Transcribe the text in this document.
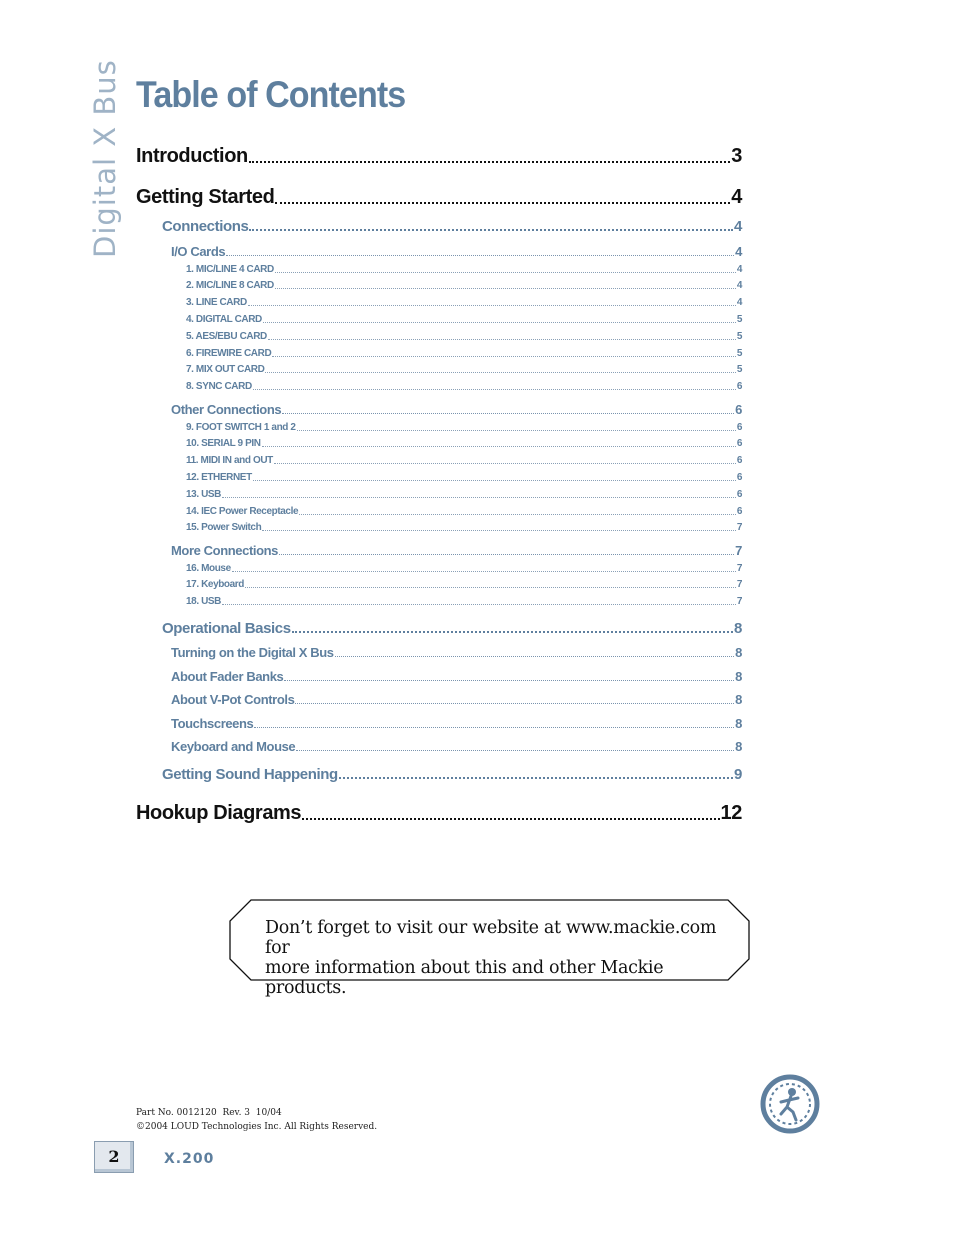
Digital X Bus Table of Contents
Introduction	3
Getting Started	4
Connections	4
I/O Cards	4
1. MIC/LINE 4 CARD	4
2. MIC/LINE 8 CARD	4
3. LINE CARD	4
4. DIGITAL CARD	5
5. AES/EBU CARD	5
6. FIREWIRE CARD	5
7. MIX OUT CARD	5
8. SYNC CARD	6
Other Connections	6
9. FOOT SWITCH 1 and 2	6
10. SERIAL 9 PIN	6
11. MIDI IN and OUT	6
12. ETHERNET	6
13. USB	6
14. IEC Power Receptacle	6
15. Power Switch	7
More Connections	7
16. Mouse	7
17. Keyboard	7
18. USB	7
Operational Basics	8
Turning on the Digital X Bus	8
About Fader Banks	8
About V-Pot Controls	8
Touchscreens	8
Keyboard and Mouse	8
Getting Sound Happening	9
Hookup Diagrams	12
Don’t forget to visit our website at www.mackie.com for
more information about this and other Mackie products.
Part No. 0012120  Rev. 3  10/04
©2004 LOUD Technologies Inc. All Rights Reserved.
2	X.200
